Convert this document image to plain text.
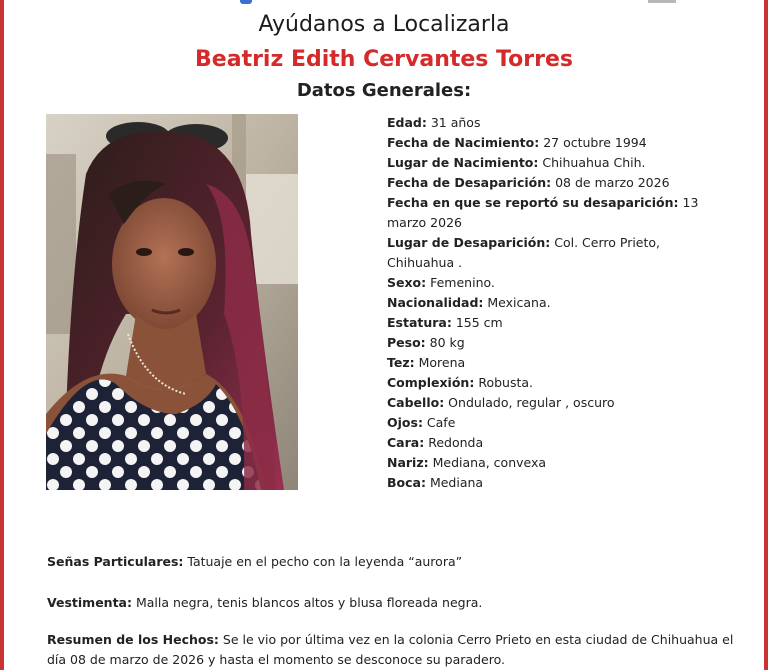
Ayúdanos a Localizarla
Beatriz Edith Cervantes Torres
Datos Generales:
Edad: 31 años
Fecha de Nacimiento: 27 octubre 1994
Lugar de Nacimiento: Chihuahua Chih.
Fecha de Desaparición: 08 de marzo 2026
Fecha en que se reportó su desaparición: 13 marzo 2026
Lugar de Desaparición: Col. Cerro Prieto, Chihuahua .
Sexo: Femenino.
Nacionalidad: Mexicana.
Estatura: 155 cm
Peso: 80 kg
Tez: Morena
Complexión: Robusta.
Cabello: Ondulado, regular , oscuro
Ojos: Cafe
Cara: Redonda
Nariz: Mediana, convexa
Boca: Mediana
Señas Particulares: Tatuaje en el pecho con la leyenda “aurora”
Vestimenta: Malla negra, tenis blancos altos y blusa floreada negra.
Resumen de los Hechos: Se le vio por última vez en la colonia Cerro Prieto en esta ciudad de Chihuahua el día 08 de marzo de 2026 y hasta el momento se desconoce su paradero.
